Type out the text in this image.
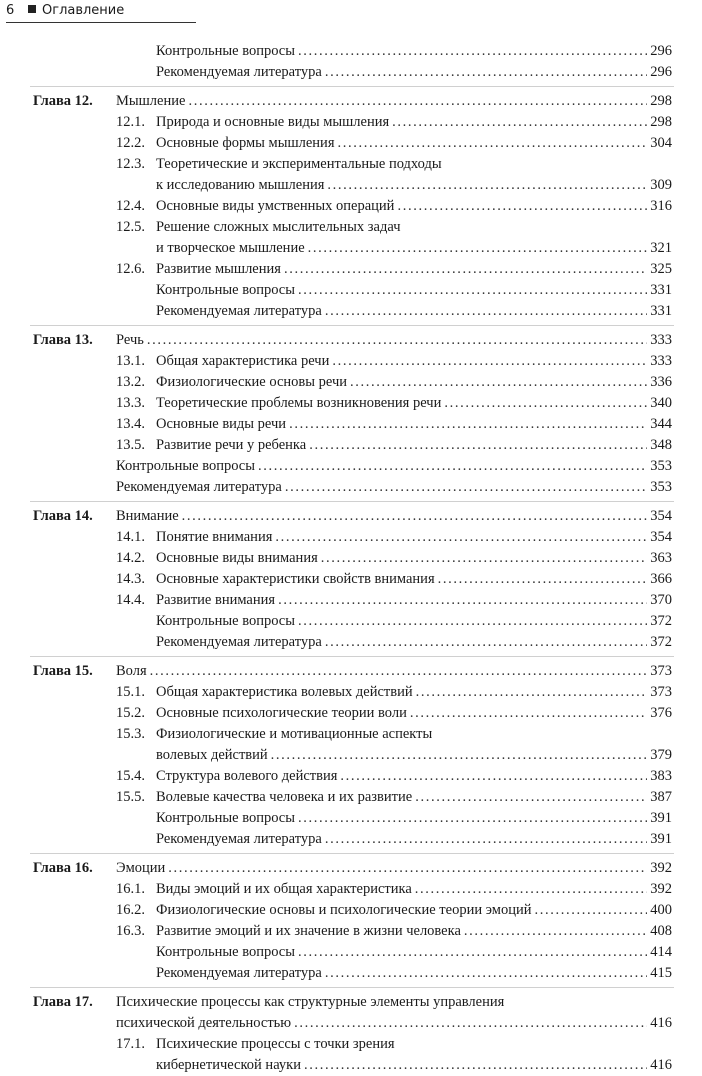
6 Оглавление
Контрольные вопросы . . .	296
Рекомендуемая литература . . .	296
Глава 12. Мышление . . .	298
12.1. Природа и основные виды мышления . . .	298
12.2. Основные формы мышления . . .	304
12.3. Теоретические и экспериментальные подходы
к исследованию мышления . . .	309
12.4. Основные виды умственных операций . . .	316
12.5. Решение сложных мыслительных задач
и творческое мышление . . .	321
12.6. Развитие мышления . . .	325
Контрольные вопросы . . .	331
Рекомендуемая литература . . .	331
Глава 13. Речь . . .	333
13.1. Общая характеристика речи . . .	333
13.2. Физиологические основы речи . . .	336
13.3. Теоретические проблемы возникновения речи . . .	340
13.4. Основные виды речи . . .	344
13.5. Развитие речи у ребенка . . .	348
Контрольные вопросы . . .	353
Рекомендуемая литература . . .	353
Глава 14. Внимание . . .	354
14.1. Понятие внимания . . .	354
14.2. Основные виды внимания . . .	363
14.3. Основные характеристики свойств внимания . . .	366
14.4. Развитие внимания . . .	370
Контрольные вопросы . . .	372
Рекомендуемая литература . . .	372
Глава 15. Воля . . .	373
15.1. Общая характеристика волевых действий . . .	373
15.2. Основные психологические теории воли . . .	376
15.3. Физиологические и мотивационные аспекты
волевых действий . . .	379
15.4. Структура волевого действия . . .	383
15.5. Волевые качества человека и их развитие . . .	387
Контрольные вопросы . . .	391
Рекомендуемая литература . . .	391
Глава 16. Эмоции . . .	392
16.1. Виды эмоций и их общая характеристика . . .	392
16.2. Физиологические основы и психологические теории эмоций . . .	400
16.3. Развитие эмоций и их значение в жизни человека . . .	408
Контрольные вопросы . . .	414
Рекомендуемая литература . . .	415
Глава 17. Психические процессы как структурные элементы управления
психической деятельностью . . .	416
17.1. Психические процессы с точки зрения
кибернетической науки . . .	416
